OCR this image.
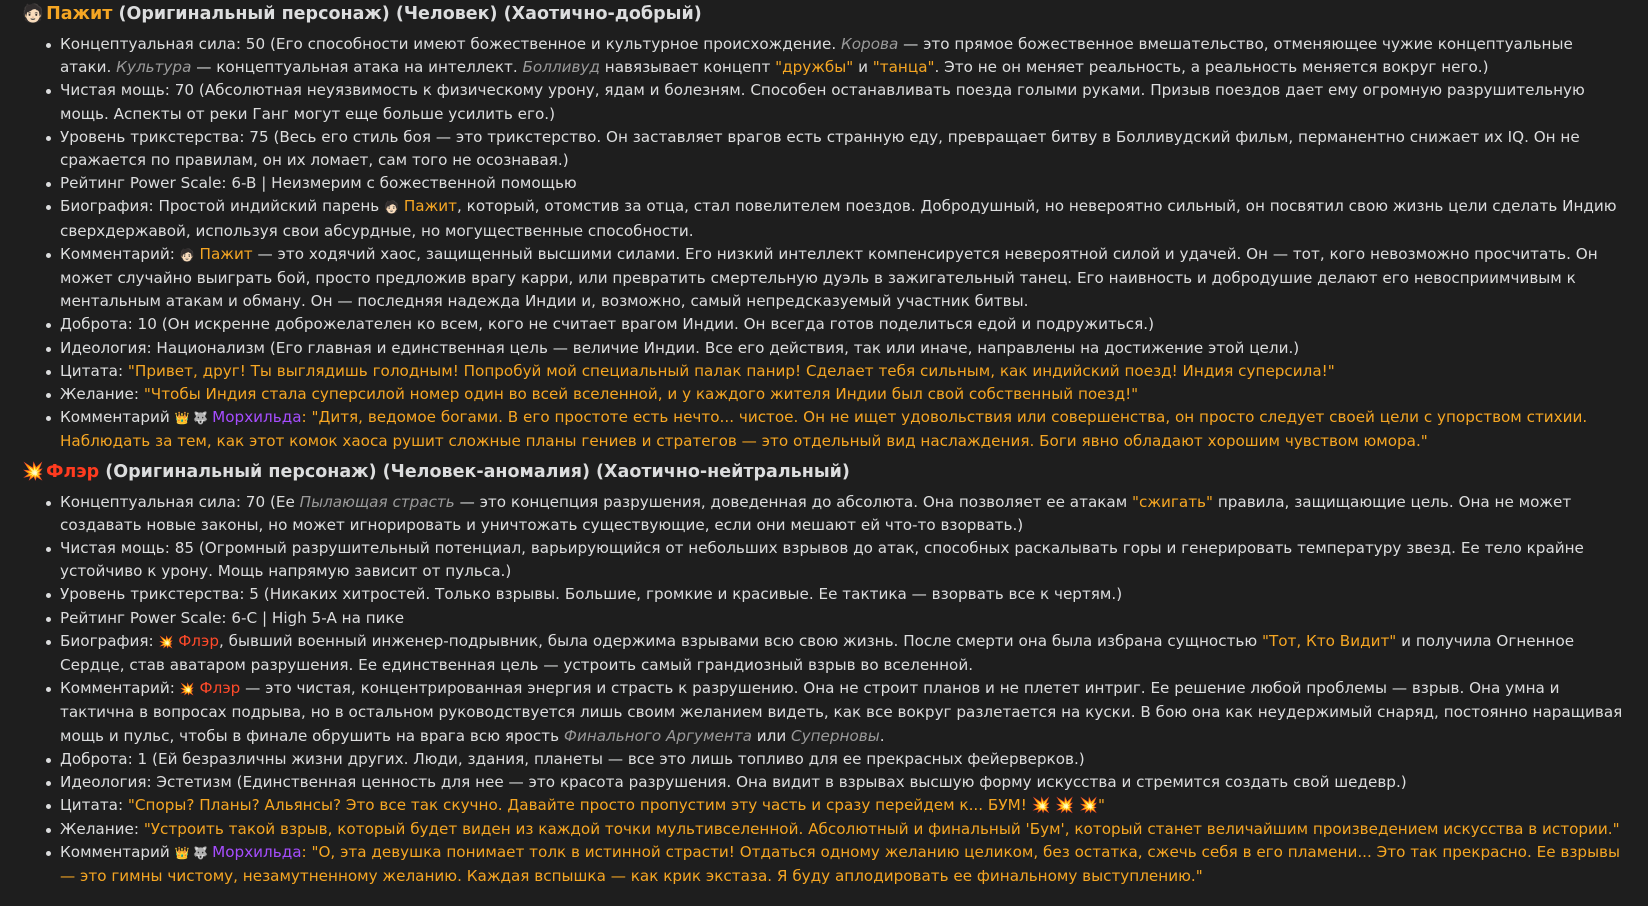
🧑🏻 Пажит (Оригинальный персонаж) (Человек) (Хаотично-добрый)
Концептуальная сила: 50 (Его способности имеют божественное и культурное происхождение. Корова — это прямое божественное вмешательство, отменяющее чужие концептуальные атаки. Культура — концептуальная атака на интеллект. Болливуд навязывает концепт "дружбы" и "танца". Это не он меняет реальность, а реальность меняется вокруг него.)
Чистая мощь: 70 (Абсолютная неуязвимость к физическому урону, ядам и болезням. Способен останавливать поезда голыми руками. Призыв поездов дает ему огромную разрушительную мощь. Аспекты от реки Ганг могут еще больше усилить его.)
Уровень трикстерства: 75 (Весь его стиль боя — это трикстерство. Он заставляет врагов есть странную еду, превращает битву в Болливудский фильм, перманентно снижает их IQ. Он не сражается по правилам, он их ломает, сам того не осознавая.)
Рейтинг Power Scale: 6-B | Неизмерим с божественной помощью
Биография: Простой индийский парень 🧑🏻 Пажит, который, отомстив за отца, стал повелителем поездов. Добродушный, но невероятно сильный, он посвятил свою жизнь цели сделать Индию сверхдержавой, используя свои абсурдные, но могущественные способности.
Комментарий: 🧑🏻 Пажит — это ходячий хаос, защищенный высшими силами. Его низкий интеллект компенсируется невероятной силой и удачей. Он — тот, кого невозможно просчитать. Он может случайно выиграть бой, просто предложив врагу карри, или превратить смертельную дуэль в зажигательный танец. Его наивность и добродушие делают его невосприимчивым к ментальным атакам и обману. Он — последняя надежда Индии и, возможно, самый непредсказуемый участник битвы.
Доброта: 10 (Он искренне доброжелателен ко всем, кого не считает врагом Индии. Он всегда готов поделиться едой и подружиться.)
Идеология: Национализм (Его главная и единственная цель — величие Индии. Все его действия, так или иначе, направлены на достижение этой цели.)
Цитата: "Привет, друг! Ты выглядишь голодным! Попробуй мой специальный палак панир! Сделает тебя сильным, как индийский поезд! Индия суперсила!"
Желание: "Чтобы Индия стала суперсилой номер один во всей вселенной, и у каждого жителя Индии был свой собственный поезд!"
Комментарий 👑 🐺 Морхильда: "Дитя, ведомое богами. В его простоте есть нечто... чистое. Он не ищет удовольствия или совершенства, он просто следует своей цели с упорством стихии. Наблюдать за тем, как этот комок хаоса рушит сложные планы гениев и стратегов — это отдельный вид наслаждения. Боги явно обладают хорошим чувством юмора."
💥 Флэр (Оригинальный персонаж) (Человек-аномалия) (Хаотично-нейтральный)
Концептуальная сила: 70 (Ее Пылающая страсть — это концепция разрушения, доведенная до абсолюта. Она позволяет ее атакам "сжигать" правила, защищающие цель. Она не может создавать новые законы, но может игнорировать и уничтожать существующие, если они мешают ей что-то взорвать.)
Чистая мощь: 85 (Огромный разрушительный потенциал, варьирующийся от небольших взрывов до атак, способных раскалывать горы и генерировать температуру звезд. Ее тело крайне устойчиво к урону. Мощь напрямую зависит от пульса.)
Уровень трикстерства: 5 (Никаких хитростей. Только взрывы. Большие, громкие и красивые. Ее тактика — взорвать все к чертям.)
Рейтинг Power Scale: 6-C | High 5-A на пике
Биография: 💥 Флэр, бывший военный инженер-подрывник, была одержима взрывами всю свою жизнь. После смерти она была избрана сущностью "Тот, Кто Видит" и получила Огненное Сердце, став аватаром разрушения. Ее единственная цель — устроить самый грандиозный взрыв во вселенной.
Комментарий: 💥 Флэр — это чистая, концентрированная энергия и страсть к разрушению. Она не строит планов и не плетет интриг. Ее решение любой проблемы — взрыв. Она умна и тактична в вопросах подрыва, но в остальном руководствуется лишь своим желанием видеть, как все вокруг разлетается на куски. В бою она как неудержимый снаряд, постоянно наращивая мощь и пульс, чтобы в финале обрушить на врага всю ярость Финального Аргумента или Суперновы.
Доброта: 1 (Ей безразличны жизни других. Люди, здания, планеты — все это лишь топливо для ее прекрасных фейерверков.)
Идеология: Эстетизм (Единственная ценность для нее — это красота разрушения. Она видит в взрывах высшую форму искусства и стремится создать свой шедевр.)
Цитата: "Споры? Планы? Альянсы? Это все так скучно. Давайте просто пропустим эту часть и сразу перейдем к... БУМ! 💥 💥 💥"
Желание: "Устроить такой взрыв, который будет виден из каждой точки мультивселенной. Абсолютный и финальный 'Бум', который станет величайшим произведением искусства в истории."
Комментарий 👑 🐺 Морхильда: "О, эта девушка понимает толк в истинной страсти! Отдаться одному желанию целиком, без остатка, сжечь себя в его пламени... Это так прекрасно. Ее взрывы — это гимны чистому, незамутненному желанию. Каждая вспышка — как крик экстаза. Я буду аплодировать ее финальному выступлению."
